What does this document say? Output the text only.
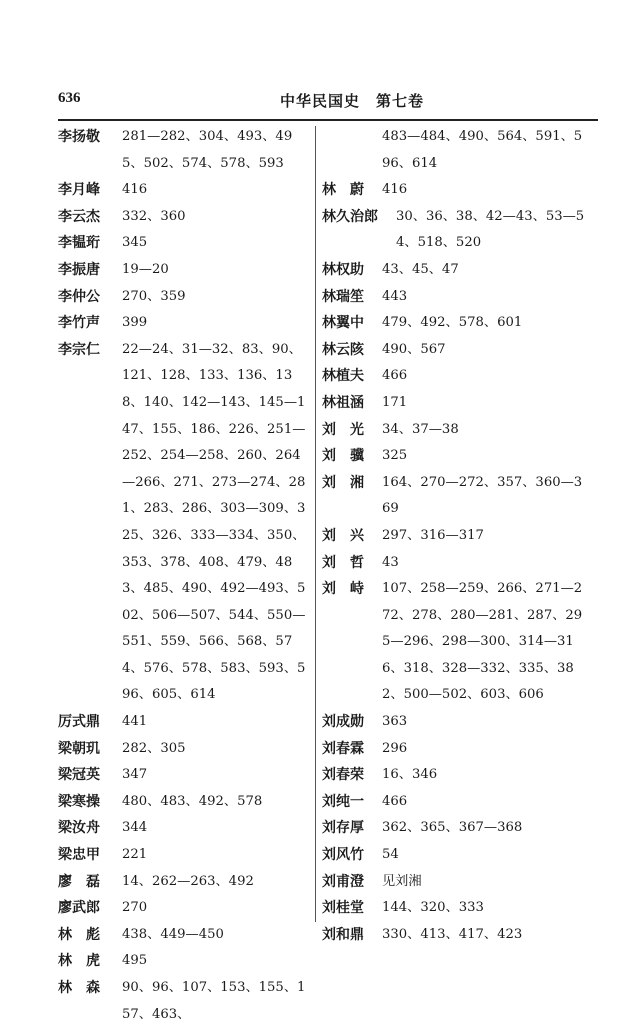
636	中华民国史　第七卷
李扬敬	281—282、304、493、495、502、574、578、593
李月峰	416
李云杰	332、360
李韫珩	345
李振唐	19—20
李仲公	270、359
李竹声	399
李宗仁	22—24、31—32、83、90、121、128、133、136、138、140、142—143、145—147、155、186、226、251—252、254—258、260、264—266、271、273—274、281、283、286、303—309、325、326、333—334、350、353、378、408、479、483、485、490、492—493、502、506—507、544、550—551、559、566、568、574、576、578、583、593、596、605、614
厉式鼎	441
梁朝玑	282、305
梁冠英	347
梁寒操	480、483、492、578
梁汝舟	344
梁忠甲	221
廖　磊	14、262—263、492
廖武郎	270
林　彪	438、449—450
林　虎	495
林　森	90、96、107、153、155、157、463、
483—484、490、564、591、596、614
林　蔚	416
林久治郎	30、36、38、42—43、53—54、518、520
林权助	43、45、47
林瑞笙	443
林翼中	479、492、578、601
林云陔	490、567
林植夫	466
林祖涵	171
刘　光	34、37—38
刘　骥	325
刘　湘	164、270—272、357、360—369
刘　兴	297、316—317
刘　哲	43
刘　峙	107、258—259、266、271—272、278、280—281、287、295—296、298—300、314—316、318、328—332、335、382、500—502、603、606
刘成勋	363
刘春霖	296
刘春荣	16、346
刘纯一	466
刘存厚	362、365、367—368
刘风竹	54
刘甫澄	见刘湘
刘桂堂	144、320、333
刘和鼎	330、413、417、423
